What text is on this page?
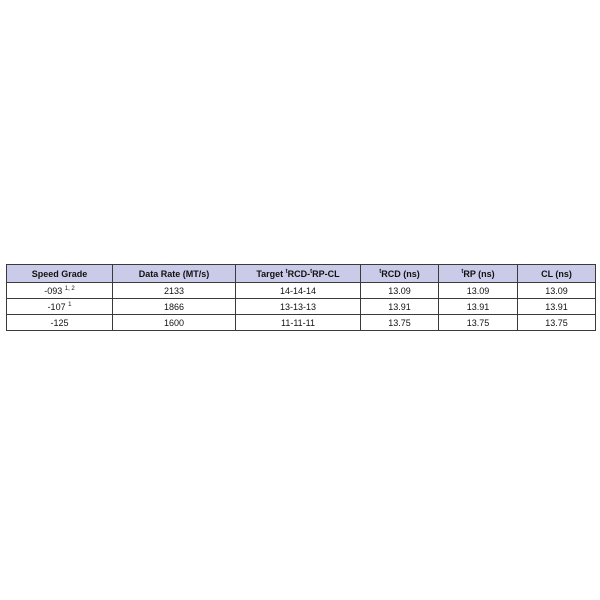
Speed Grade	Data Rate (MT/s)	Target $^t$RCD-$^t$RP-CL	$^t$RCD (ns)	$^t$RP (ns)	CL (ns)
-093 $^{1, 2}$	2133	14-14-14	13.09	13.09	13.09
-107 $^1$	1866	13-13-13	13.91	13.91	13.91
-125	1600	11-11-11	13.75	13.75	13.75
